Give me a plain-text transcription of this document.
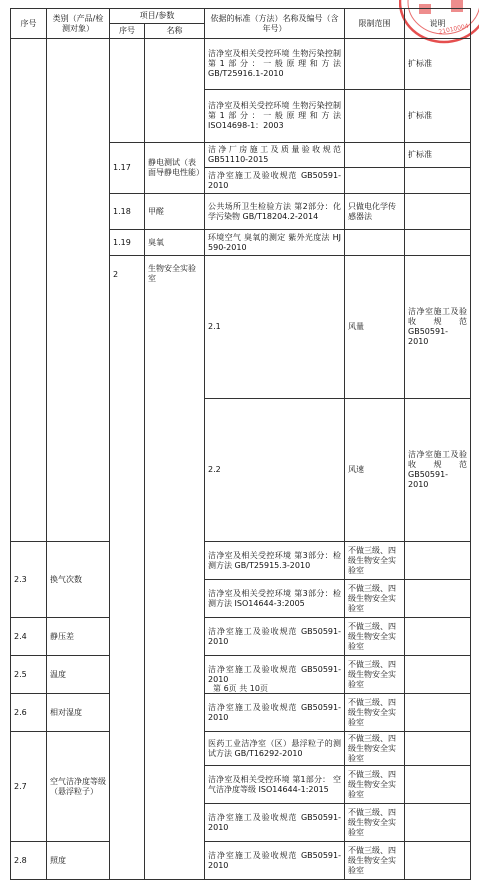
21010004
序号	类别（产品/检测对象）	项目/参数		依据的标准（方法）名称及编号（含年号）	限制范围	说明	
		序号	名称				
				洁净室及相关受控环境 生物污染控制 第1部分：一般原理和方法GB/T25916.1-2010		扩标准	
				洁净室及相关受控环境 生物污染控制 第1部分：一般原理和方法 ISO14698-1：2003		扩标准	
		1.17	静电测试（表面导静电性能）	洁净厂房施工及质量验收规范 GB51110-2015		扩标准	
				洁净室施工及验收规范 GB50591-2010			
		1.18	甲醛	公共场所卫生检验方法 第2部分：化学污染物 GB/T18204.2-2014	只做电化学传感器法		
		1.19	臭氧	环境空气 臭氧的测定 紫外光度法 HJ 590-2010			
		2	生物安全实验室	2.1	风量	洁净室施工及验收规范 GB50591-2010		
				2.2	风速	洁净室施工及验收规范 GB50591-2010		
2.3	换气次数			洁净室及相关受控环境 第3部分：检测方法 GB/T25915.3-2010	不做三级、四级生物安全实验室		
				洁净室及相关受控环境 第3部分：检测方法 ISO14644-3:2005	不做三级、四级生物安全实验室		
2.4	静压差			洁净室施工及验收规范 GB50591-2010	不做三级、四级生物安全实验室		
2.5	温度			洁净室施工及验收规范 GB50591-2010	不做三级、四级生物安全实验室		
2.6	相对湿度			洁净室施工及验收规范 GB50591-2010	不做三级、四级生物安全实验室		
2.7	空气洁净度等级（悬浮粒子）			医药工业洁净室（区）悬浮粒子的测试方法 GB/T16292-2010	不做三级、四级生物安全实验室		
				洁净室及相关受控环境 第1部分： 空气洁净度等级 ISO14644-1:2015	不做三级、四级生物安全实验室		
				洁净室施工及验收规范 GB50591-2010	不做三级、四级生物安全实验室		
2.8	照度			洁净室施工及验收规范 GB50591-2010	不做三级、四级生物安全实验室		
第 6页 共 10页
